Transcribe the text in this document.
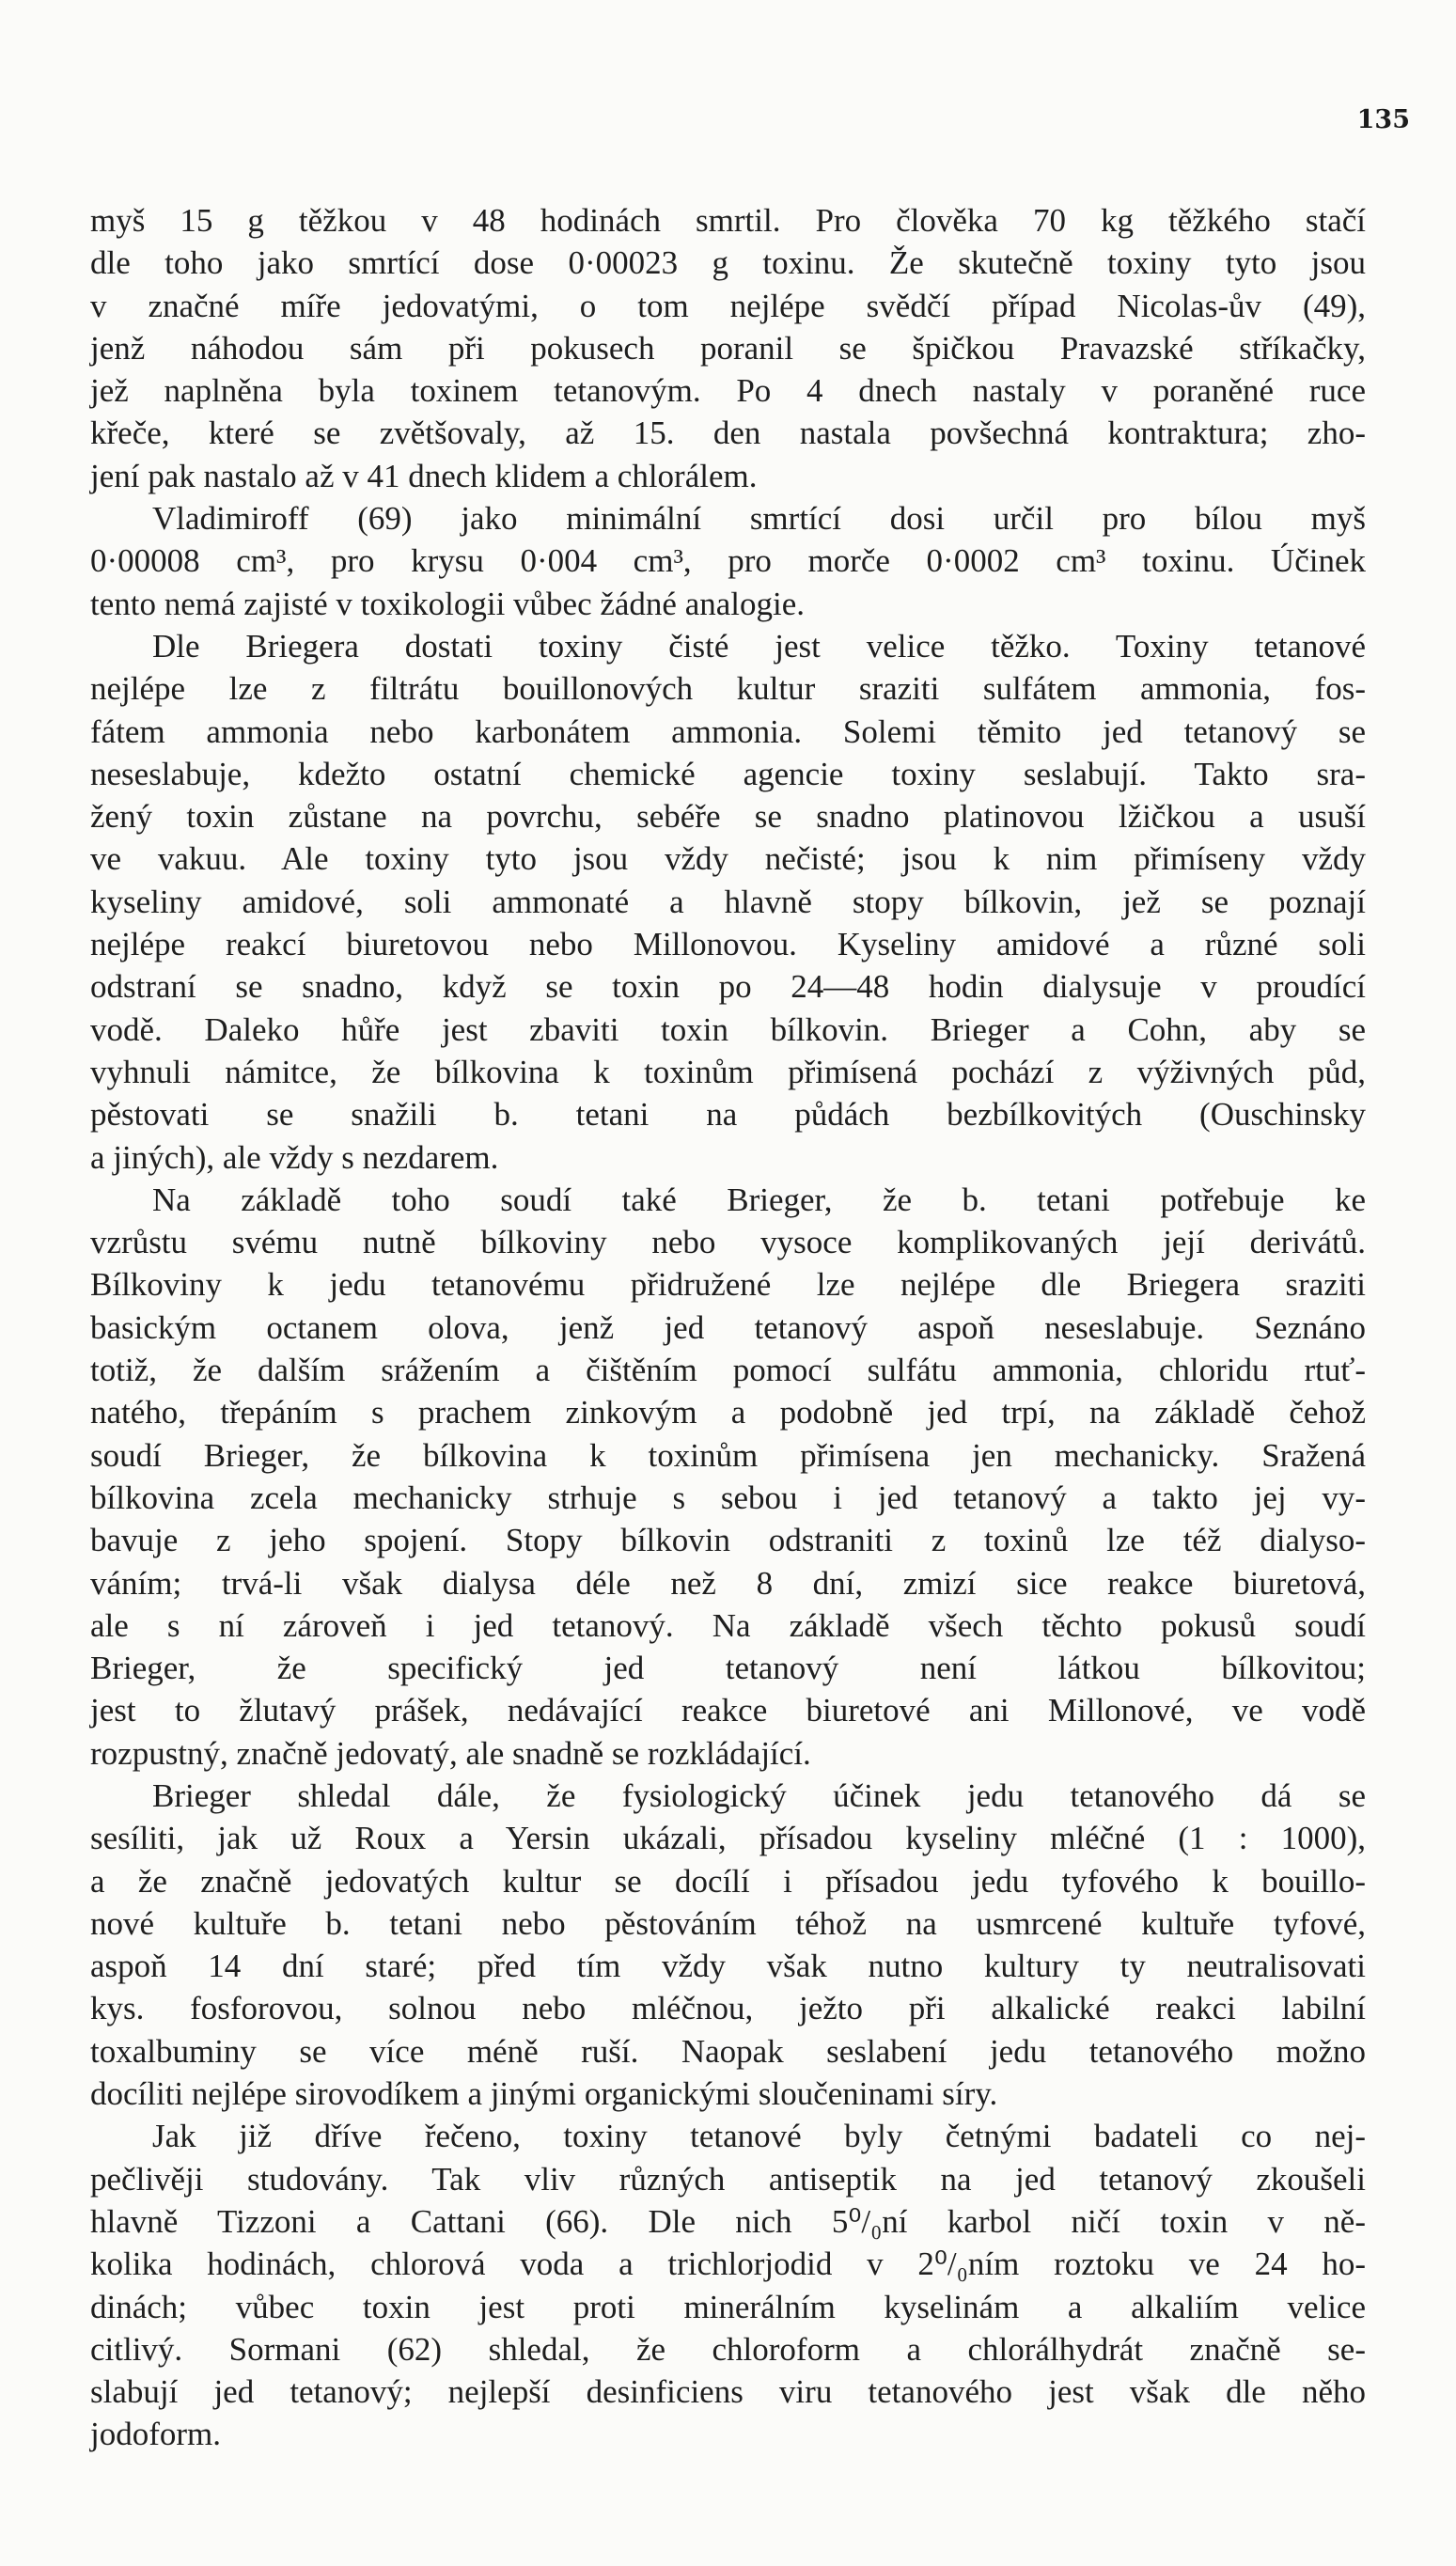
135
myš 15 g těžkou v 48 hodinách smrtil. Pro člověka 70 kg těžkého stačí
dle toho jako smrtící dose 0·00023 g toxinu. Že skutečně toxiny tyto jsou
v značné míře jedovatými, o tom nejlépe svědčí případ Nicolas-ův (49),
jenž náhodou sám při pokusech poranil se špičkou Pravazské stříkačky,
jež naplněna byla toxinem tetanovým. Po 4 dnech nastaly v poraněné ruce
křeče, které se zvětšovaly, až 15. den nastala povšechná kontraktura; zho-
jení pak nastalo až v 41 dnech klidem a chlorálem.
Vladimiroff (69) jako minimální smrtící dosi určil pro bílou myš
0·00008 cm³, pro krysu 0·004 cm³, pro morče 0·0002 cm³ toxinu. Účinek
tento nemá zajisté v toxikologii vůbec žádné analogie.
Dle Briegera dostati toxiny čisté jest velice těžko. Toxiny tetanové
nejlépe lze z filtrátu bouillonových kultur sraziti sulfátem ammonia, fos-
fátem ammonia nebo karbonátem ammonia. Solemi těmito jed tetanový se
neseslabuje, kdežto ostatní chemické agencie toxiny seslabují. Takto sra-
žený toxin zůstane na povrchu, sebéře se snadno platinovou lžičkou a usuší
ve vakuu. Ale toxiny tyto jsou vždy nečisté; jsou k nim přimíseny vždy
kyseliny amidové, soli ammonaté a hlavně stopy bílkovin, jež se poznají
nejlépe reakcí biuretovou nebo Millonovou. Kyseliny amidové a různé soli
odstraní se snadno, když se toxin po 24—48 hodin dialysuje v proudící
vodě. Daleko hůře jest zbaviti toxin bílkovin. Brieger a Cohn, aby se
vyhnuli námitce, že bílkovina k toxinům přimísená pochází z výživných půd,
pěstovati se snažili b. tetani na půdách bezbílkovitých (Ouschinsky
a jiných), ale vždy s nezdarem.
Na základě toho soudí také Brieger, že b. tetani potřebuje ke
vzrůstu svému nutně bílkoviny nebo vysoce komplikovaných její derivátů.
Bílkoviny k jedu tetanovému přidružené lze nejlépe dle Briegera sraziti
basickým octanem olova, jenž jed tetanový aspoň neseslabuje. Seznáno
totiž, že dalším srážením a čištěním pomocí sulfátu ammonia, chloridu rtuť-
natého, třepáním s prachem zinkovým a podobně jed trpí, na základě čehož
soudí Brieger, že bílkovina k toxinům přimísena jen mechanicky. Sražená
bílkovina zcela mechanicky strhuje s sebou i jed tetanový a takto jej vy-
bavuje z jeho spojení. Stopy bílkovin odstraniti z toxinů lze též dialyso-
váním; trvá-li však dialysa déle než 8 dní, zmizí sice reakce biuretová,
ale s ní zároveň i jed tetanový. Na základě všech těchto pokusů soudí
Brieger, že specifický jed tetanový není látkou bílkovitou;
jest to žlutavý prášek, nedávající reakce biuretové ani Millonové, ve vodě
rozpustný, značně jedovatý, ale snadně se rozkládající.
Brieger shledal dále, že fysiologický účinek jedu tetanového dá se
sesíliti, jak už Roux a Yersin ukázali, přísadou kyseliny mléčné (1 : 1000),
a že značně jedovatých kultur se docílí i přísadou jedu tyfového k bouillo-
nové kultuře b. tetani nebo pěstováním téhož na usmrcené kultuře tyfové,
aspoň 14 dní staré; před tím vždy však nutno kultury ty neutralisovati
kys. fosforovou, solnou nebo mléčnou, ježto při alkalické reakci labilní
toxalbuminy se více méně ruší. Naopak seslabení jedu tetanového možno
docíliti nejlépe sirovodíkem a jinými organickými sloučeninami síry.
Jak již dříve řečeno, toxiny tetanové byly četnými badateli co nej-
pečlivěji studovány. Tak vliv různých antiseptik na jed tetanový zkoušeli
hlavně Tizzoni a Cattani (66). Dle nich 5⁰/₀ní karbol ničí toxin v ně-
kolika hodinách, chlorová voda a trichlorjodid v 2⁰/₀ním roztoku ve 24 ho-
dinách; vůbec toxin jest proti minerálním kyselinám a alkaliím velice
citlivý. Sormani (62) shledal, že chloroform a chlorálhydrát značně se-
slabují jed tetanový; nejlepší desinficiens viru tetanového jest však dle něho
jodoform.
